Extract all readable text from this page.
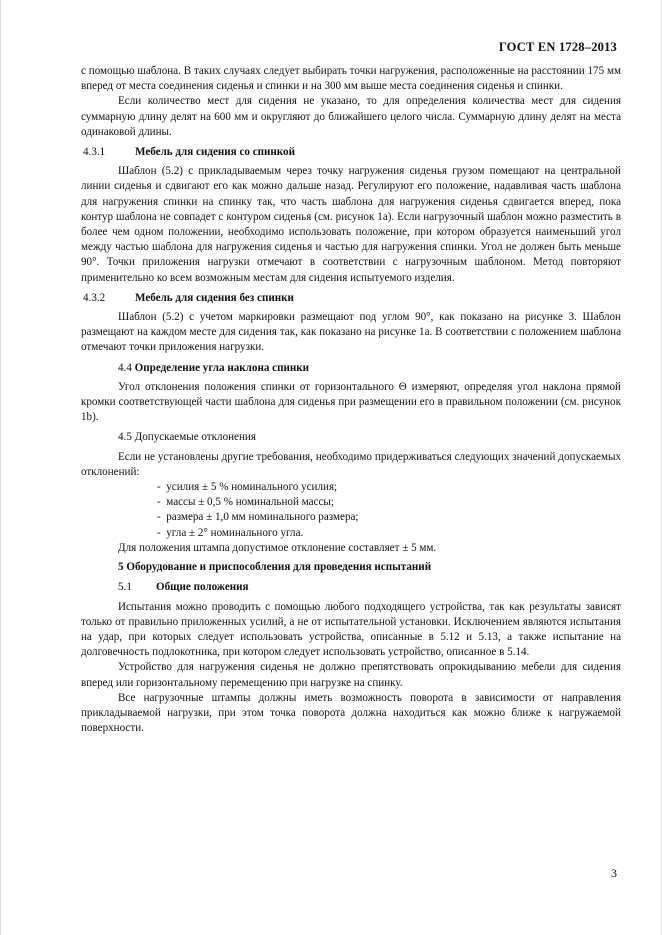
ГОСТ EN 1728–2013

с помощью шаблона. В таких случаях следует выбирать точки нагружения, расположенные на расстоянии 175 мм вперед от места соединения сиденья и спинки и на 300 мм выше места соединения сиденья и спинки.

Если количество мест для сидения не указано, то для определения количества мест для сидения суммарную длину делят на 600 мм и округляют до ближайшего целого числа. Суммарную длину делят на места одинаковой длины.

4.3.1	Мебель для сидения со спинкой

Шаблон (5.2) с прикладываемым через точку нагружения сиденья грузом помещают на центральной линии сиденья и сдвигают его как можно дальше назад. Регулируют его положение, надавливая часть шаблона для нагружения спинки на спинку так, что часть шаблона для нагружения сиденья сдвигается вперед, пока контур шаблона не совпадет с контуром сиденья (см. рисунок 1а). Если нагрузочный шаблон можно разместить в более чем одном положении, необходимо использовать положение, при котором образуется наименьший угол между частью шаблона для нагружения сиденья и частью для нагружения спинки. Угол не должен быть меньше 90°. Точки приложения нагрузки отмечают в соответствии с нагрузочным шаблоном. Метод повторяют применительно ко всем возможным местам для сидения испытуемого изделия.

4.3.2	Мебель для сидения без спинки

Шаблон (5.2) с учетом маркировки размещают под углом 90°, как показано на рисунке 3. Шаблон размещают на каждом месте для сидения так, как показано на рисунке 1а. В соответствии с положением шаблона отмечают точки приложения нагрузки.

4.4 Определение угла наклона спинки

Угол отклонения положения спинки от горизонтального Θ измеряют, определяя угол наклона прямой кромки соответствующей части шаблона для сиденья при размещении его в правильном положении (см. рисунок 1b).

4.5 Допускаемые отклонения

Если не установлены другие требования, необходимо придерживаться следующих значений допускаемых отклонений:

- усилия ± 5 % номинального усилия;
- массы ± 0,5 % номинальной массы;
- размера ± 1,0 мм номинального размера;
- угла ± 2° номинального угла.

Для положения штампа допустимое отклонение составляет ± 5 мм.

5 Оборудование и приспособления для проведения испытаний
5.1 Общие положения

Испытания можно проводить с помощью любого подходящего устройства, так как результаты зависят только от правильно приложенных усилий, а не от испытательной установки. Исключением являются испытания на удар, при которых следует использовать устройства, описанные в 5.12 и 5.13, а также испытание на долговечность подлокотника, при котором следует использовать устройство, описанное в 5.14.

Устройство для нагружения сиденья не должно препятствовать опрокидыванию мебели для сидения вперед или горизонтальному перемещению при нагрузке на спинку.

Все нагрузочные штампы должны иметь возможность поворота в зависимости от направления прикладываемой нагрузки, при этом точка поворота должна находиться как можно ближе к нагружаемой поверхности.

3
